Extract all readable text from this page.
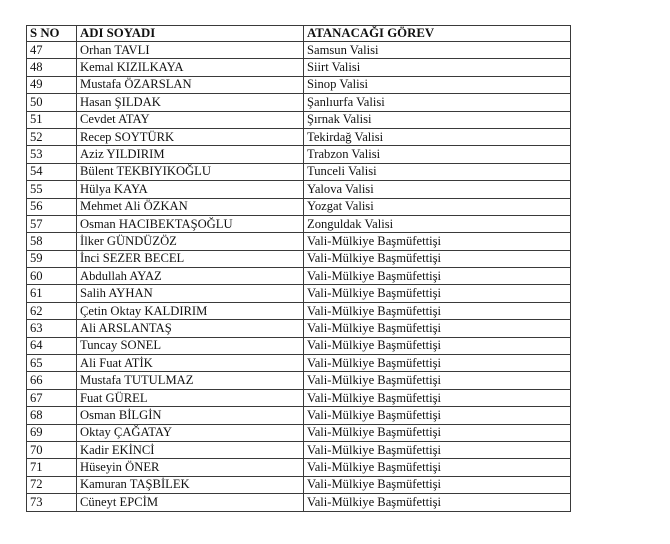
S NO	ADI SOYADI	ATANACAĞI GÖREV
47	Orhan TAVLI	Samsun Valisi
48	Kemal KIZILKAYA	Siirt Valisi
49	Mustafa ÖZARSLAN	Sinop Valisi
50	Hasan ŞILDAK	Şanlıurfa Valisi
51	Cevdet ATAY	Şırnak Valisi
52	Recep SOYTÜRK	Tekirdağ Valisi
53	Aziz YILDIRIM	Trabzon Valisi
54	Bülent TEKBIYIKOĞLU	Tunceli Valisi
55	Hülya KAYA	Yalova Valisi
56	Mehmet Ali ÖZKAN	Yozgat Valisi
57	Osman HACIBEKTAŞOĞLU	Zonguldak Valisi
58	İlker GÜNDÜZÖZ	Vali-Mülkiye Başmüfettişi
59	İnci SEZER BECEL	Vali-Mülkiye Başmüfettişi
60	Abdullah AYAZ	Vali-Mülkiye Başmüfettişi
61	Salih AYHAN	Vali-Mülkiye Başmüfettişi
62	Çetin Oktay KALDIRIM	Vali-Mülkiye Başmüfettişi
63	Ali ARSLANTAŞ	Vali-Mülkiye Başmüfettişi
64	Tuncay SONEL	Vali-Mülkiye Başmüfettişi
65	Ali Fuat ATİK	Vali-Mülkiye Başmüfettişi
66	Mustafa TUTULMAZ	Vali-Mülkiye Başmüfettişi
67	Fuat GÜREL	Vali-Mülkiye Başmüfettişi
68	Osman BİLGİN	Vali-Mülkiye Başmüfettişi
69	Oktay ÇAĞATAY	Vali-Mülkiye Başmüfettişi
70	Kadir EKİNCİ	Vali-Mülkiye Başmüfettişi
71	Hüseyin ÖNER	Vali-Mülkiye Başmüfettişi
72	Kamuran TAŞBİLEK	Vali-Mülkiye Başmüfettişi
73	Cüneyt EPCİM	Vali-Mülkiye Başmüfettişi
